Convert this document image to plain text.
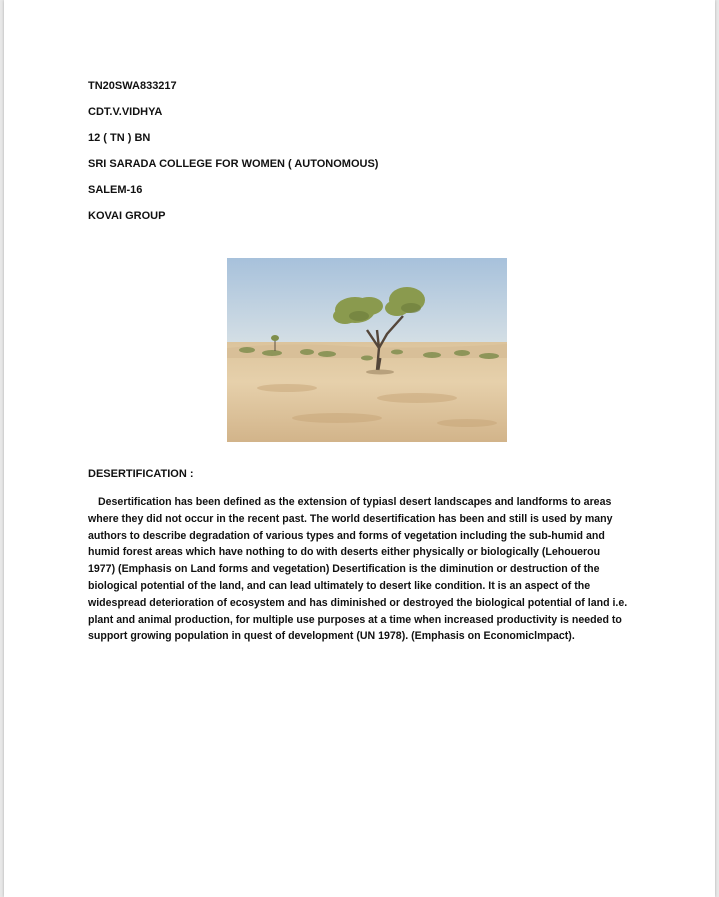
TN20SWA833217
CDT.V.VIDHYA
12 ( TN ) BN
SRI SARADA COLLEGE FOR WOMEN ( AUTONOMOUS)
SALEM-16
KOVAI GROUP
DESERTIFICATION :

Desertification has been defined as the extension of typiasl desert landscapes and landforms to areas where they did not occur in the recent past. The world desertification has been and still is used by many authors to describe degradation of various types and forms of vegetation including the sub-humid and humid forest areas which have nothing to do with deserts either physically or biologically (Lehouerou 1977) (Emphasis on Land forms and vegetation) Desertification is the diminution or destruction of the biological potential of the land, and can lead ultimately to desert like condition. It is an aspect of the widespread deterioration of ecosystem and has diminished or destroyed the biological potential of land i.e. plant and animal production, for multiple use purposes at a time when increased productivity is needed to support growing population in quest of development (UN 1978). (Emphasis on Economiclmpact).
